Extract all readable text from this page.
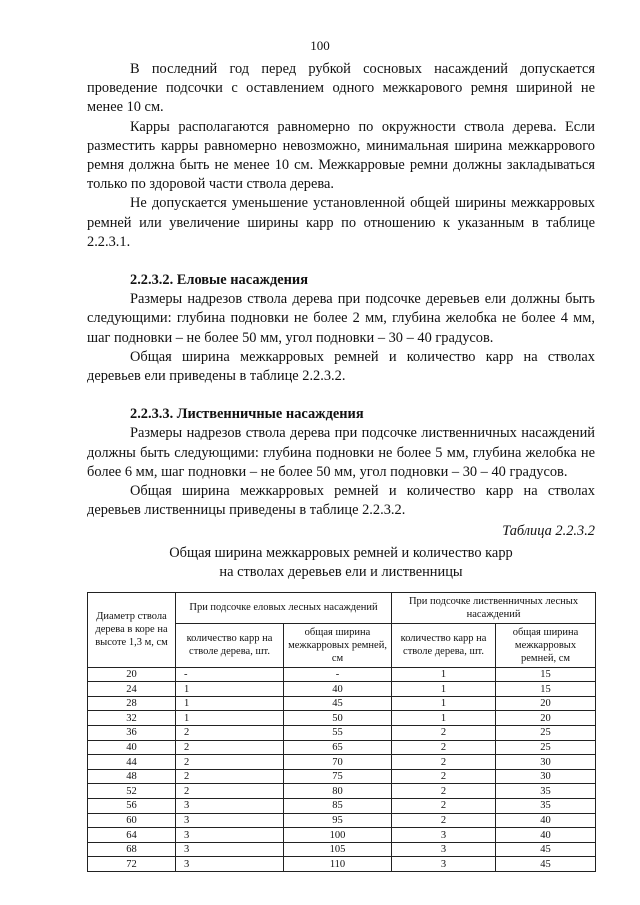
100

В последний год перед рубкой сосновых насаждений допускается проведение подсочки с оставлением одного межкарового ремня шириной не менее 10 см.

Карры располагаются равномерно по окружности ствола дерева. Если разместить карры равномерно невозможно, минимальная ширина межкаррового ремня должна быть не менее 10 см. Межкарровые ремни должны закладываться только по здоровой части ствола дерева.

Не допускается уменьшение установленной общей ширины межкарровых ремней или увеличение ширины карр по отношению к указанным в таблице 2.2.3.1.

2.2.3.2. Еловые насаждения

Размеры надрезов ствола дерева при подсочке деревьев ели должны быть следующими: глубина подновки не более 2 мм, глубина желобка не более 4 мм, шаг подновки – не более 50 мм, угол подновки – 30 – 40 градусов.

Общая ширина межкарровых ремней и количество карр на стволах деревьев ели приведены в таблице 2.2.3.2.

2.2.3.3. Лиственничные насаждения

Размеры надрезов ствола дерева при подсочке лиственничных насаждений должны быть следующими: глубина подновки не более 5 мм, глубина желобка не более 6 мм, шаг подновки – не более 50 мм, угол подновки – 30 – 40 градусов.

Общая ширина межкарровых ремней и количество карр на стволах деревьев лиственницы приведены в таблице 2.2.3.2.

Таблица 2.2.3.2
Общая ширина межкарровых ремней и количество карр
на стволах деревьев ели и лиственницы
Диаметр ствола дерева в коре на высоте 1,3 м, см	При подсочке еловых лесных насаждений		При подсочке лиственничных лесных насаждений	
	количество карр на стволе дерева, шт.	общая ширина межкарровых ремней, см	количество карр на стволе дерева, шт.	общая ширина межкарровых ремней, см
20	-	-	1	15
24	1	40	1	15
28	1	45	1	20
32	1	50	1	20
36	2	55	2	25
40	2	65	2	25
44	2	70	2	30
48	2	75	2	30
52	2	80	2	35
56	3	85	2	35
60	3	95	2	40
64	3	100	3	40
68	3	105	3	45
72	3	110	3	45
